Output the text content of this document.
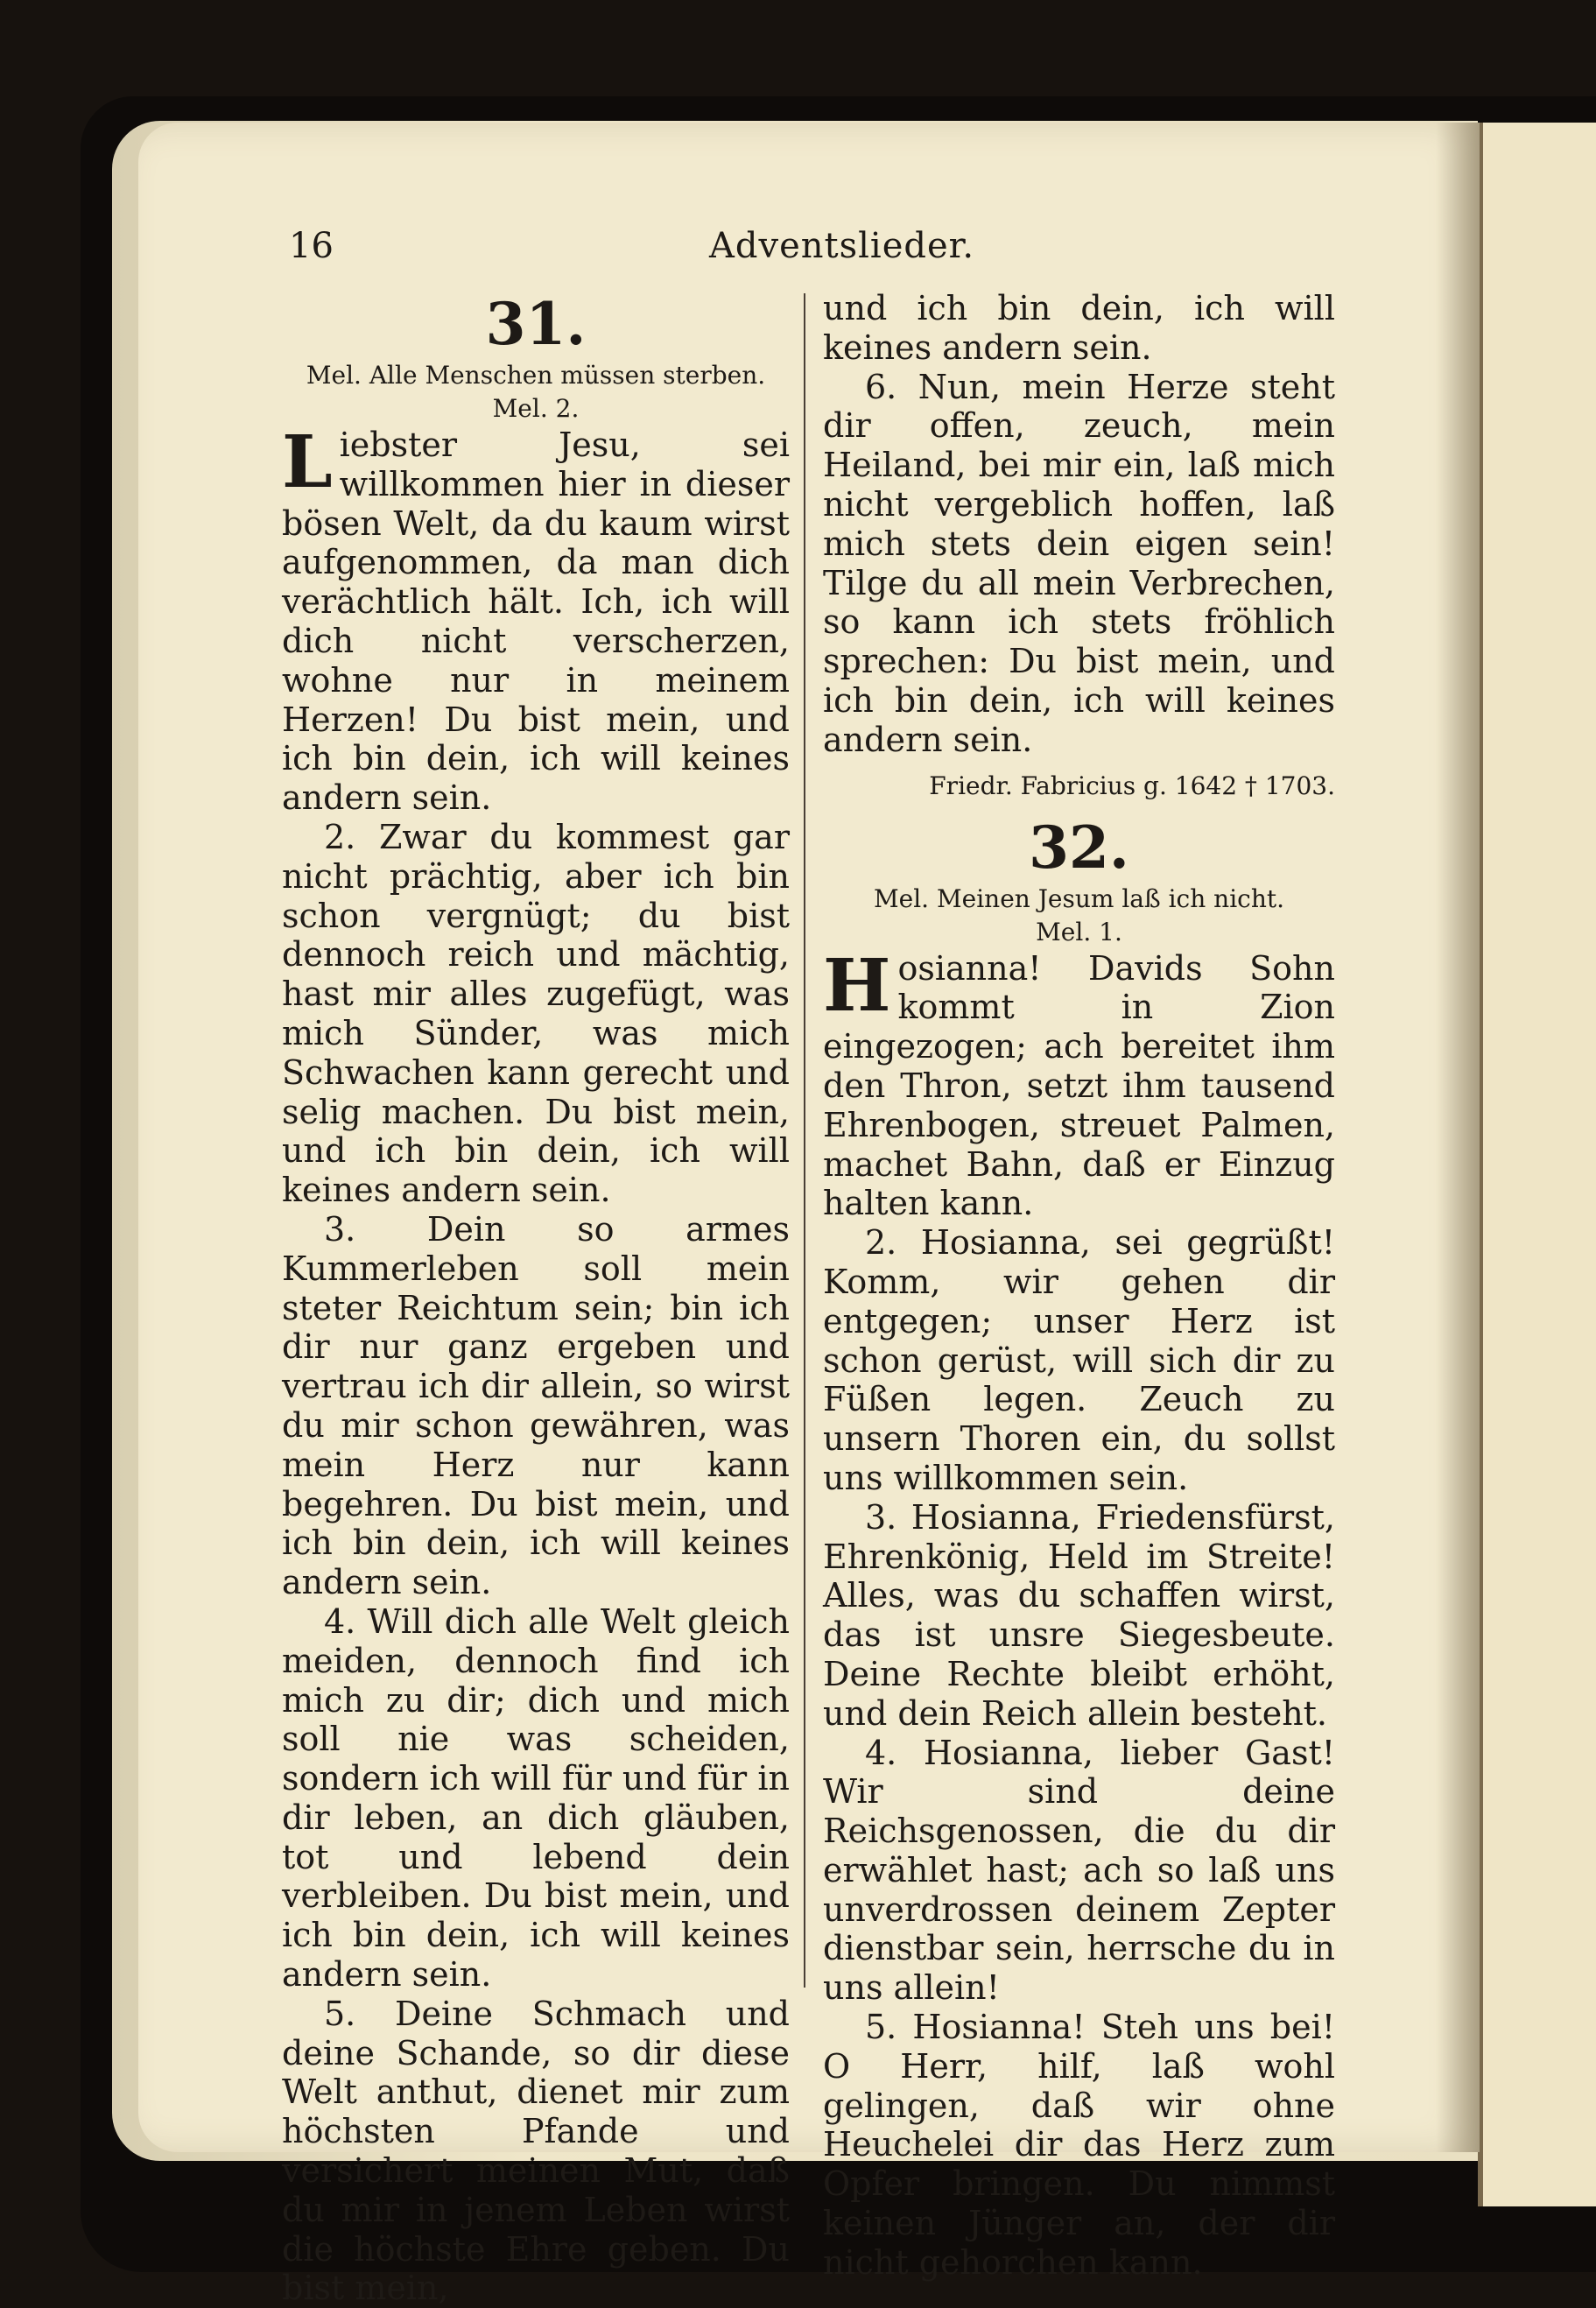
16	Adventslieder.

31.

Mel. Alle Menschen müssen sterben.

Mel. 2.

Liebster Jesu, sei willkommen hier in dieser bösen Welt, da du kaum wirst aufgenommen, da man dich verächtlich hält. Ich, ich will dich nicht verscherzen, wohne nur in meinem Herzen! Du bist mein, und ich bin dein, ich will keines andern sein.

2. Zwar du kommest gar nicht prächtig, aber ich bin schon vergnügt; du bist dennoch reich und mächtig, hast mir alles zugefügt, was mich Sünder, was mich Schwachen kann gerecht und selig machen. Du bist mein, und ich bin dein, ich will keines andern sein.

3. Dein so armes Kummerleben soll mein steter Reichtum sein; bin ich dir nur ganz ergeben und vertrau ich dir allein, so wirst du mir schon gewähren, was mein Herz nur kann begehren. Du bist mein, und ich bin dein, ich will keines andern sein.

4. Will dich alle Welt gleich meiden, dennoch find ich mich zu dir; dich und mich soll nie was scheiden, sondern ich will für und für in dir leben, an dich gläuben, tot und lebend dein verbleiben. Du bist mein, und ich bin dein, ich will keines andern sein.

5. Deine Schmach und deine Schande, so dir diese Welt anthut, dienet mir zum höchsten Pfande und versichert meinen Mut, daß du mir in jenem Leben wirst die höchste Ehre geben. Du bist mein,

und ich bin dein, ich will keines andern sein.

6. Nun, mein Herze steht dir offen, zeuch, mein Heiland, bei mir ein, laß mich nicht vergeblich hoffen, laß mich stets dein eigen sein! Tilge du all mein Verbrechen, so kann ich stets fröhlich sprechen: Du bist mein, und ich bin dein, ich will keines andern sein.

Friedr. Fabricius g. 1642 † 1703.

32.

Mel. Meinen Jesum laß ich nicht.

Mel. 1.

Hosianna! Davids Sohn kommt in Zion eingezogen; ach bereitet ihm den Thron, setzt ihm tausend Ehrenbogen, streuet Palmen, machet Bahn, daß er Einzug halten kann.

2. Hosianna, sei gegrüßt! Komm, wir gehen dir entgegen; unser Herz ist schon gerüst, will sich dir zu Füßen legen. Zeuch zu unsern Thoren ein, du sollst uns willkommen sein.

3. Hosianna, Friedensfürst, Ehrenkönig, Held im Streite! Alles, was du schaffen wirst, das ist unsre Siegesbeute. Deine Rechte bleibt erhöht, und dein Reich allein besteht.

4. Hosianna, lieber Gast! Wir sind deine Reichsgenossen, die du dir erwählet hast; ach so laß uns unverdrossen deinem Zepter dienstbar sein, herrsche du in uns allein!

5. Hosianna! Steh uns bei! O Herr, hilf, laß wohl gelingen, daß wir ohne Heuchelei dir das Herz zum Opfer bringen. Du nimmst keinen Jünger an, der dir nicht gehorchen kann.
